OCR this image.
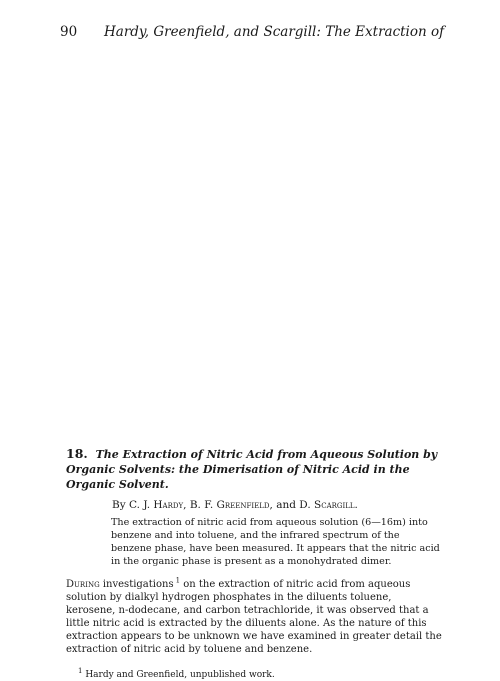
90 Hardy, Greenfield, and Scargill: The Extraction of
18. The Extraction of Nitric Acid from Aqueous Solution by Organic Solvents: the Dimerisation of Nitric Acid in the Organic Solvent.
By C. J. Hardy, B. F. Greenfield, and D. Scargill.
The extraction of nitric acid from aqueous solution (6—16m) into benzene and into toluene, and the infrared spectrum of the benzene phase, have been measured. It appears that the nitric acid in the organic phase is present as a monohydrated dimer.
During investigations  $^1$ on the extraction of nitric acid from aqueous solution by dialkyl hydrogen phosphates in the diluents toluene, kerosene, n-dodecane, and carbon tetrachloride, it was observed that a little nitric acid is extracted by the diluents alone. As the nature of this extraction appears to be unknown we have examined in greater detail the extraction of nitric acid by toluene and benzene.
$^1$ Hardy and Greenfield, unpublished work.
